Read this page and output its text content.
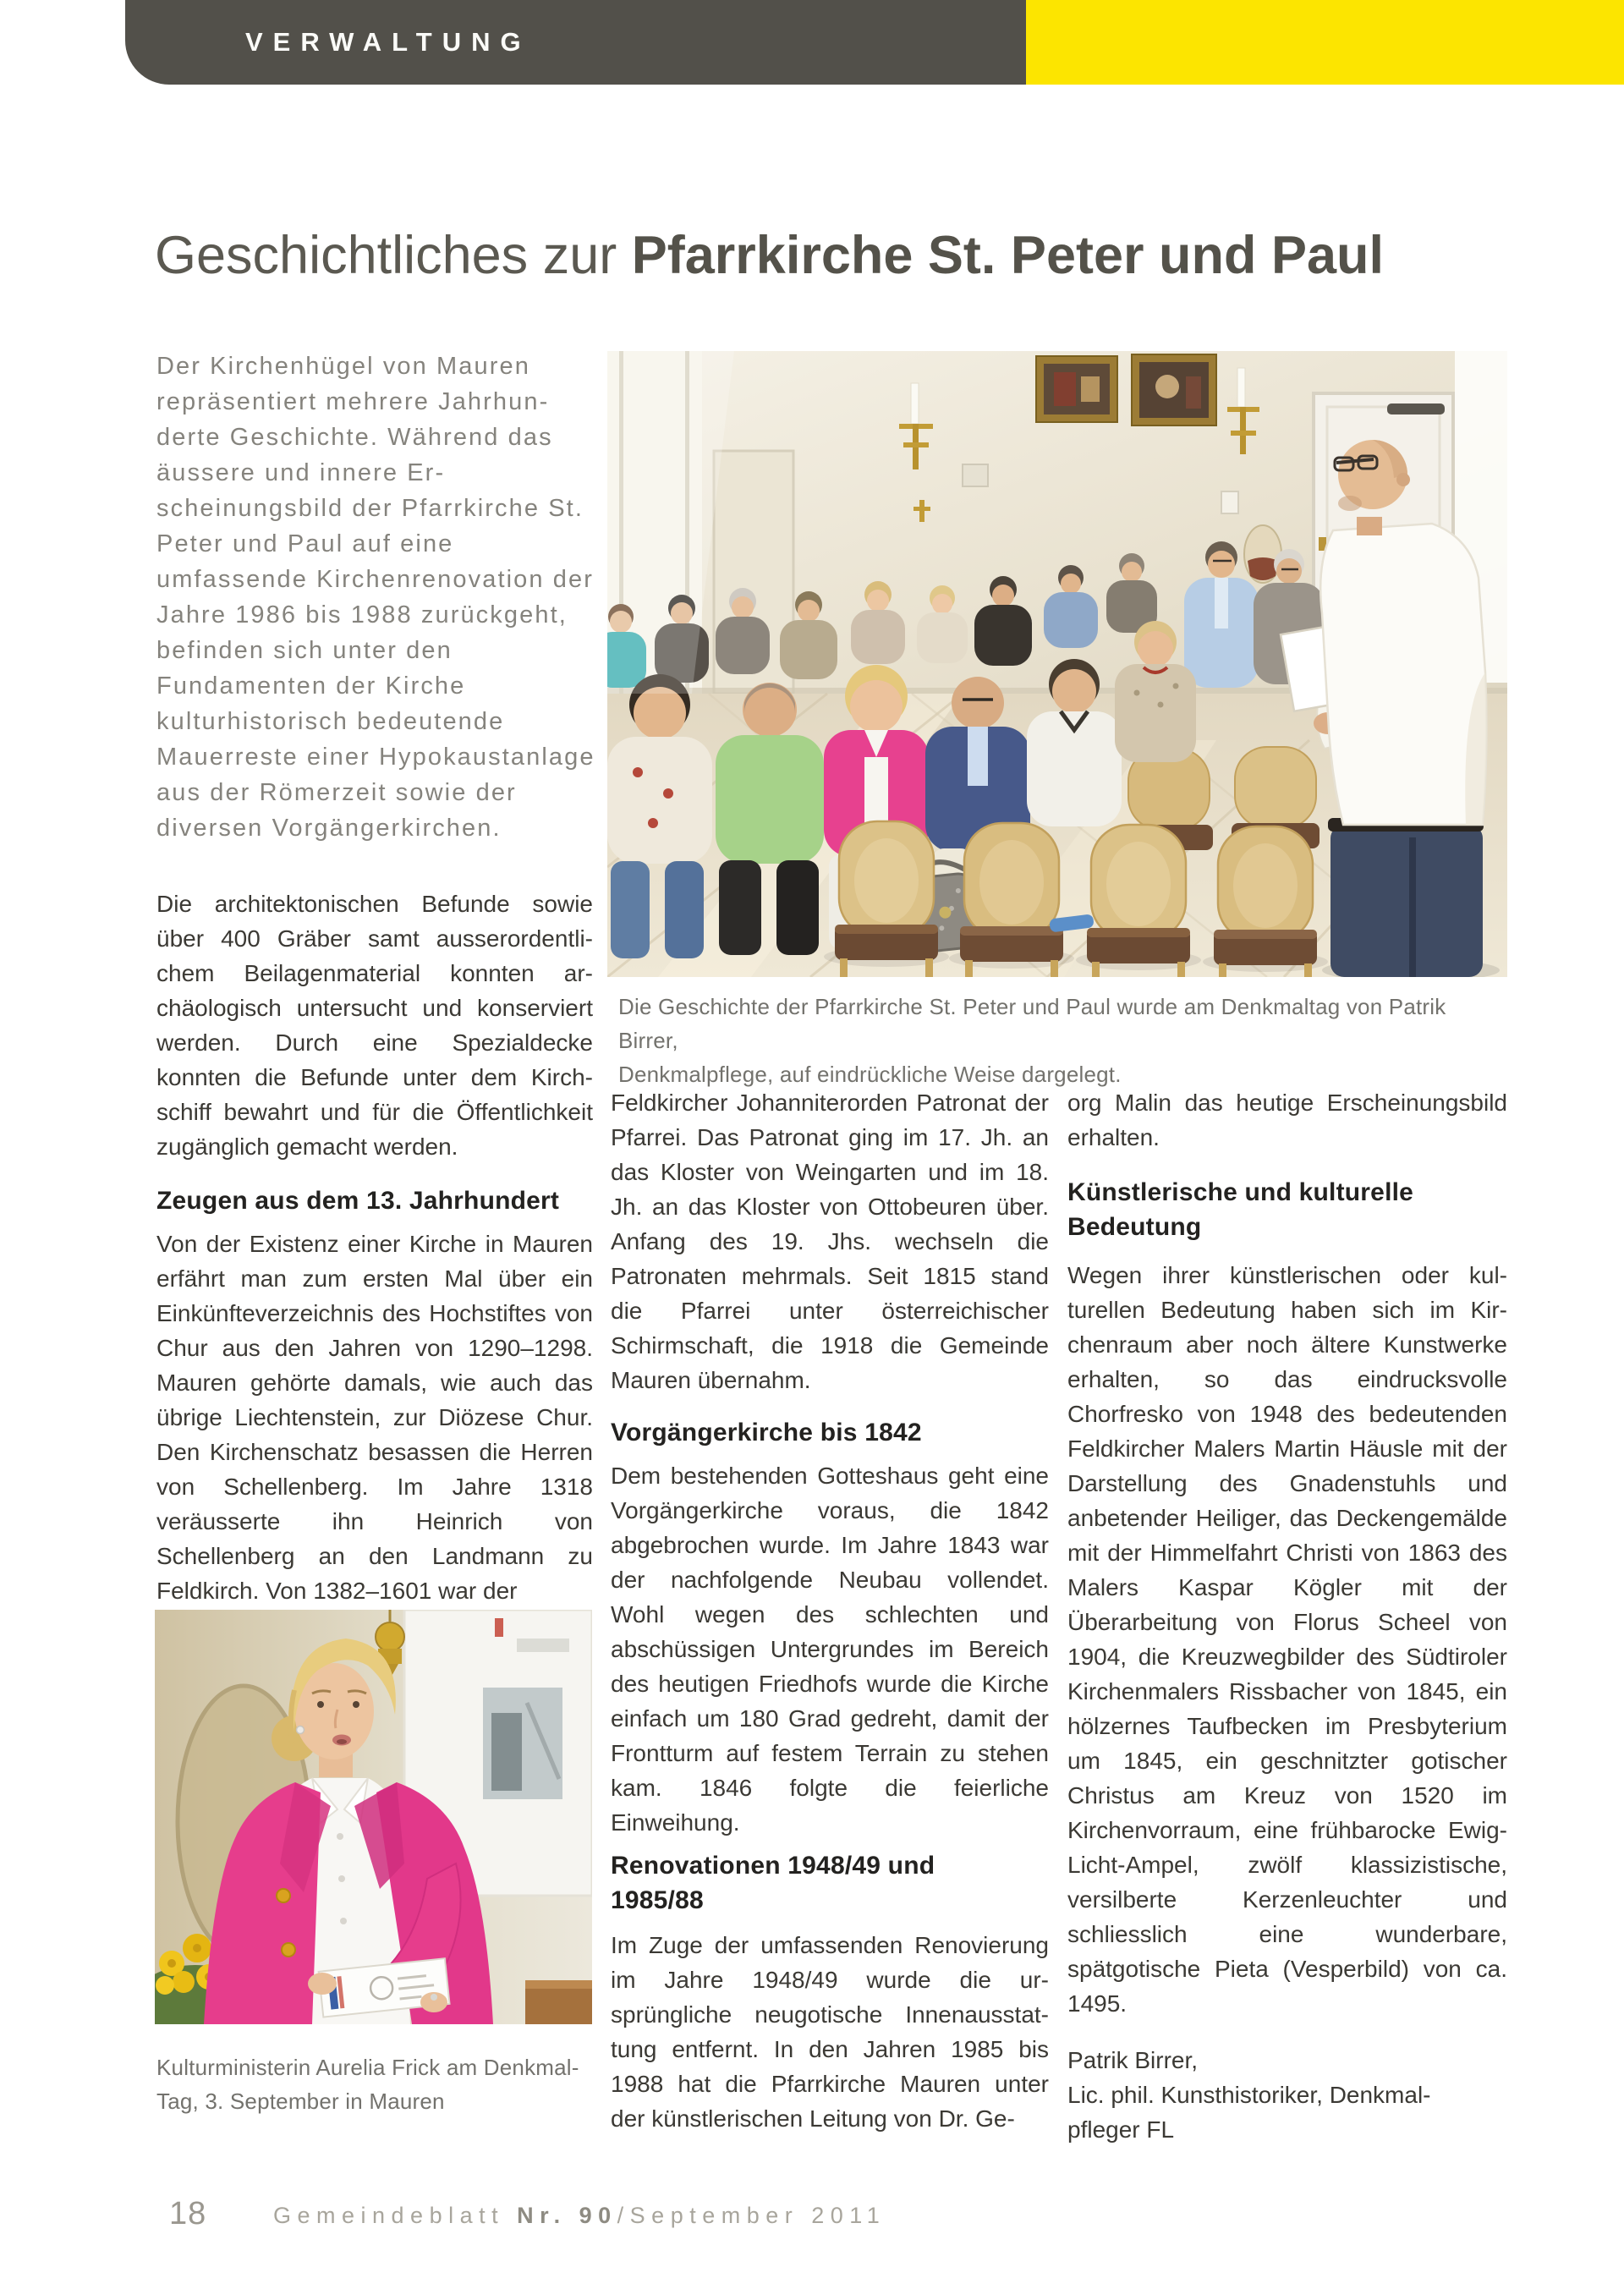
VERWALTUNG
Geschichtliches zur Pfarrkirche St. Peter und Paul
Der Kirchenhügel von Mauren repräsentiert mehrere Jahrhunderte Geschichte. Während das äussere und innere Erscheinungsbild der Pfarrkirche St. Peter und Paul auf eine umfassende Kirchenrenovation der Jahre 1986 bis 1988 zurückgeht, befinden sich unter den Fundamenten der Kirche kulturhistorisch bedeutende Mauerreste einer Hypokaustanlage aus der Römerzeit sowie der diversen Vorgängerkirchen.

Die architektonischen Befunde sowie über 400 Gräber samt ausserordentlichem Beilagenmaterial konnten archäologisch untersucht und konserviert werden. Durch eine Spezialdecke konnten die Befunde unter dem Kirchschiff bewahrt und für die Öffentlichkeit zugänglich gemacht werden.

Zeugen aus dem 13. Jahrhundert

Von der Existenz einer Kirche in Mauren erfährt man zum ersten Mal über ein Einkünfteverzeichnis des Hochstiftes von Chur aus den Jahren von 1290–1298. Mauren gehörte damals, wie auch das übrige Liechtenstein, zur Diözese Chur. Den Kirchenschatz besassen die Herren von Schellenberg. Im Jahre 1318 veräusserte ihn Heinrich von Schellenberg an den Landmann zu Feldkirch. Von 1382–1601 war der

Die Geschichte der Pfarrkirche St. Peter und Paul wurde am Denkmaltag von Patrik Birrer,
Denkmalpflege, auf eindrückliche Weise dargelegt.

Feldkircher Johanniterorden Patronat der Pfarrei. Das Patronat ging im 17. Jh. an das Kloster von Weingarten und im 18. Jh. an das Kloster von Ottobeuren über. Anfang des 19. Jhs. wechseln die Patronaten mehrmals. Seit 1815 stand die Pfarrei unter österreichischer Schirmschaft, die 1918 die Gemeinde Mauren übernahm.

Vorgängerkirche bis 1842

Dem bestehenden Gotteshaus geht eine Vorgängerkirche voraus, die 1842 abgebrochen wurde. Im Jahre 1843 war der nachfolgende Neubau vollendet. Wohl wegen des schlechten und abschüssigen Untergrundes im Bereich des heutigen Friedhofs wurde die Kirche einfach um 180 Grad gedreht, damit der Frontturm auf festem Terrain zu stehen kam. 1846 folgte die feierliche Einweihung.

Renovationen 1948/49 und
1985/88

Im Zuge der umfassenden Renovierung im Jahre 1948/49 wurde die ursprüngliche neugotische Innenausstattung entfernt. In den Jahren 1985 bis 1988 hat die Pfarrkirche Mauren unter der künstlerischen Leitung von Dr. Ge-

org Malin das heutige Erscheinungsbild erhalten.

Künstlerische und kulturelle
Bedeutung

Wegen ihrer künstlerischen oder kulturellen Bedeutung haben sich im Kirchenraum aber noch ältere Kunstwerke erhalten, so das eindrucksvolle Chorfresko von 1948 des bedeutenden Feldkircher Malers Martin Häusle mit der Darstellung des Gnadenstuhls und anbetender Heiliger, das Deckengemälde mit der Himmelfahrt Christi von 1863 des Malers Kaspar Kögler mit der Überarbeitung von Florus Scheel von 1904, die Kreuzwegbilder des Südtiroler Kirchenmalers Rissbacher von 1845, ein hölzernes Taufbecken im Presbyterium um 1845, ein geschnitzter gotischer Christus am Kreuz von 1520 im Kirchenvorraum, eine frühbarocke Ewig-Licht-Ampel, zwölf klassizistische, versilberte Kerzenleuchter und schliesslich eine wunderbare, spätgotische Pieta (Vesperbild) von ca. 1495.

Patrik Birrer,
Lic. phil. Kunsthistoriker, Denkmal-
pfleger FL
Kulturministerin Aurelia Frick am Denkmal-
Tag, 3. September in Mauren
18	Gemeindeblatt Nr. 90/September 2011
